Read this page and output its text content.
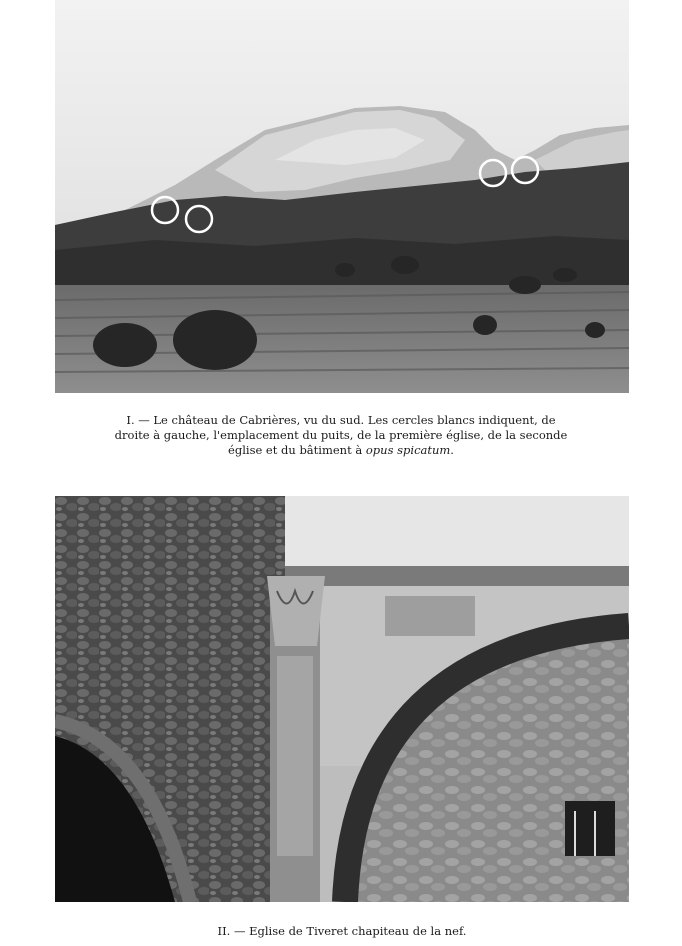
I. — Le château de Cabrières, vu du sud. Les cercles blancs indiquent, de
droite à gauche, l'emplacement du puits, de la première église, de la seconde
église et du bâtiment à opus spicatum.
II. — Eglise de Tiveret chapiteau de la nef.
